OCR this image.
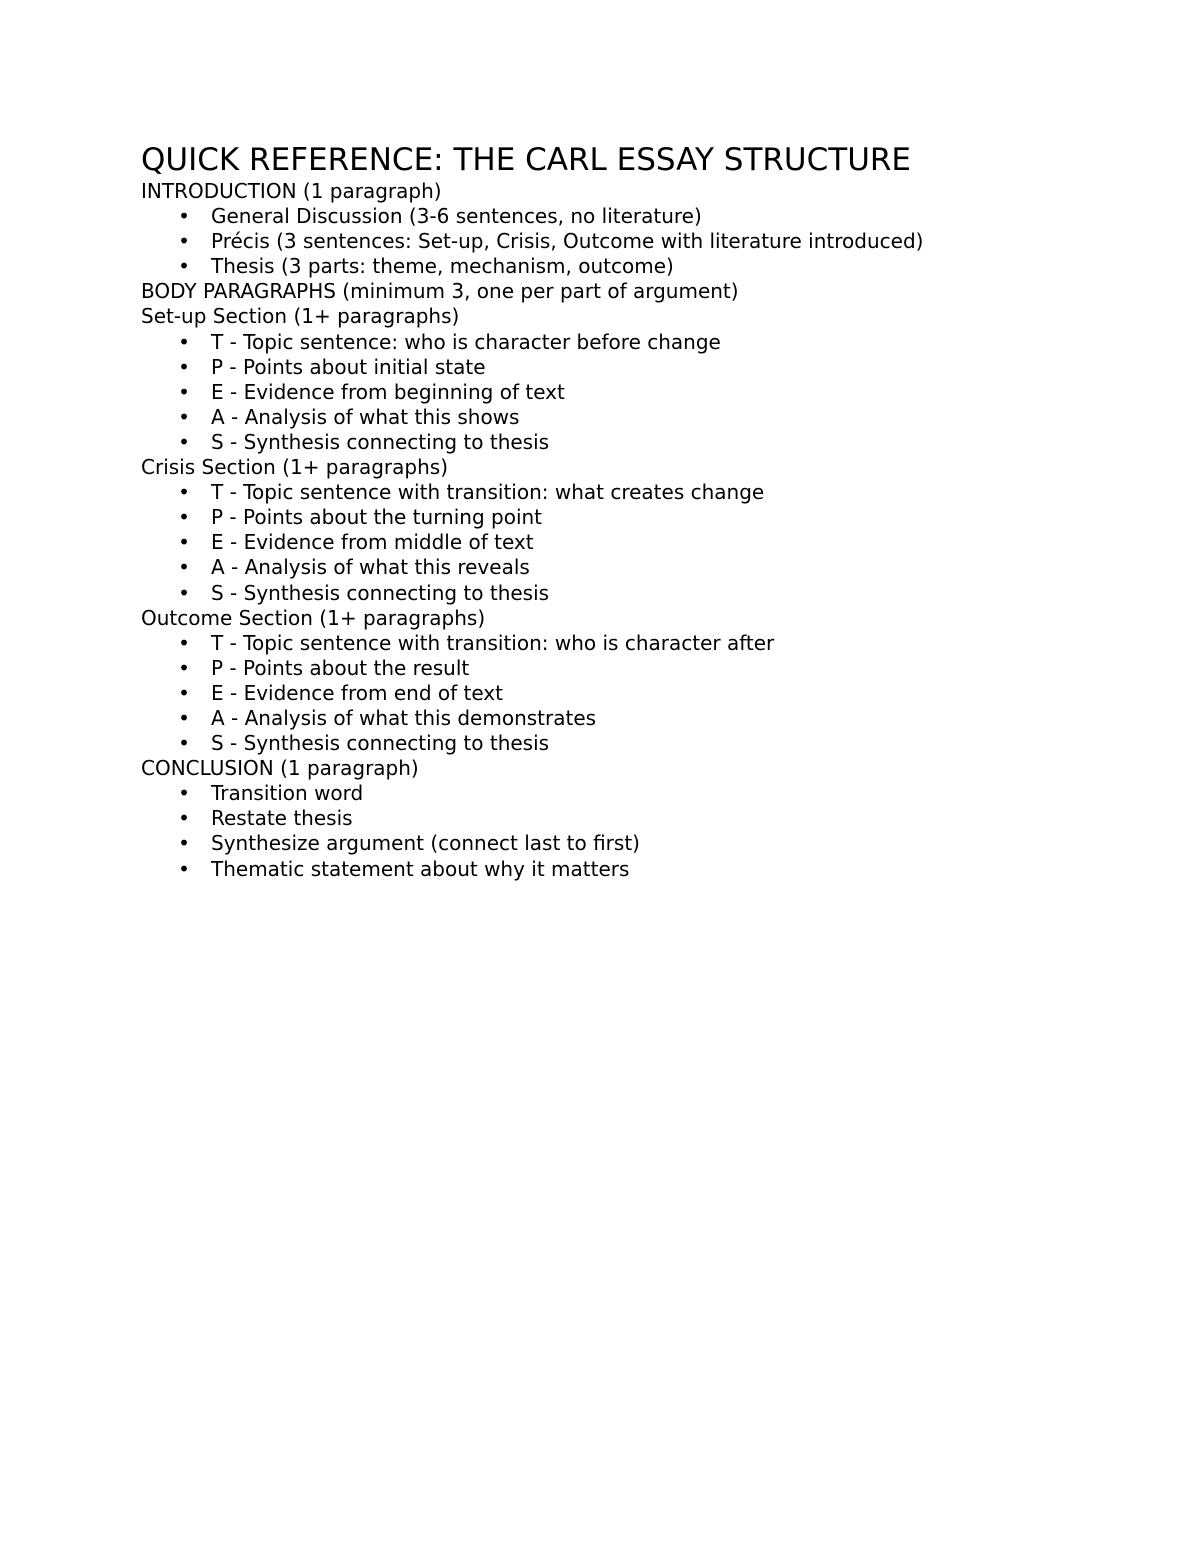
QUICK REFERENCE: THE CARL ESSAY STRUCTURE
INTRODUCTION (1 paragraph)
• General Discussion (3-6 sentences, no literature)
• Précis (3 sentences: Set-up, Crisis, Outcome with literature introduced)
• Thesis (3 parts: theme, mechanism, outcome)
BODY PARAGRAPHS (minimum 3, one per part of argument)
Set-up Section (1+ paragraphs)
• T - Topic sentence: who is character before change
• P - Points about initial state
• E - Evidence from beginning of text
• A - Analysis of what this shows
• S - Synthesis connecting to thesis
Crisis Section (1+ paragraphs)
• T - Topic sentence with transition: what creates change
• P - Points about the turning point
• E - Evidence from middle of text
• A - Analysis of what this reveals
• S - Synthesis connecting to thesis
Outcome Section (1+ paragraphs)
• T - Topic sentence with transition: who is character after
• P - Points about the result
• E - Evidence from end of text
• A - Analysis of what this demonstrates
• S - Synthesis connecting to thesis
CONCLUSION (1 paragraph)
• Transition word
• Restate thesis
• Synthesize argument (connect last to first)
• Thematic statement about why it matters
